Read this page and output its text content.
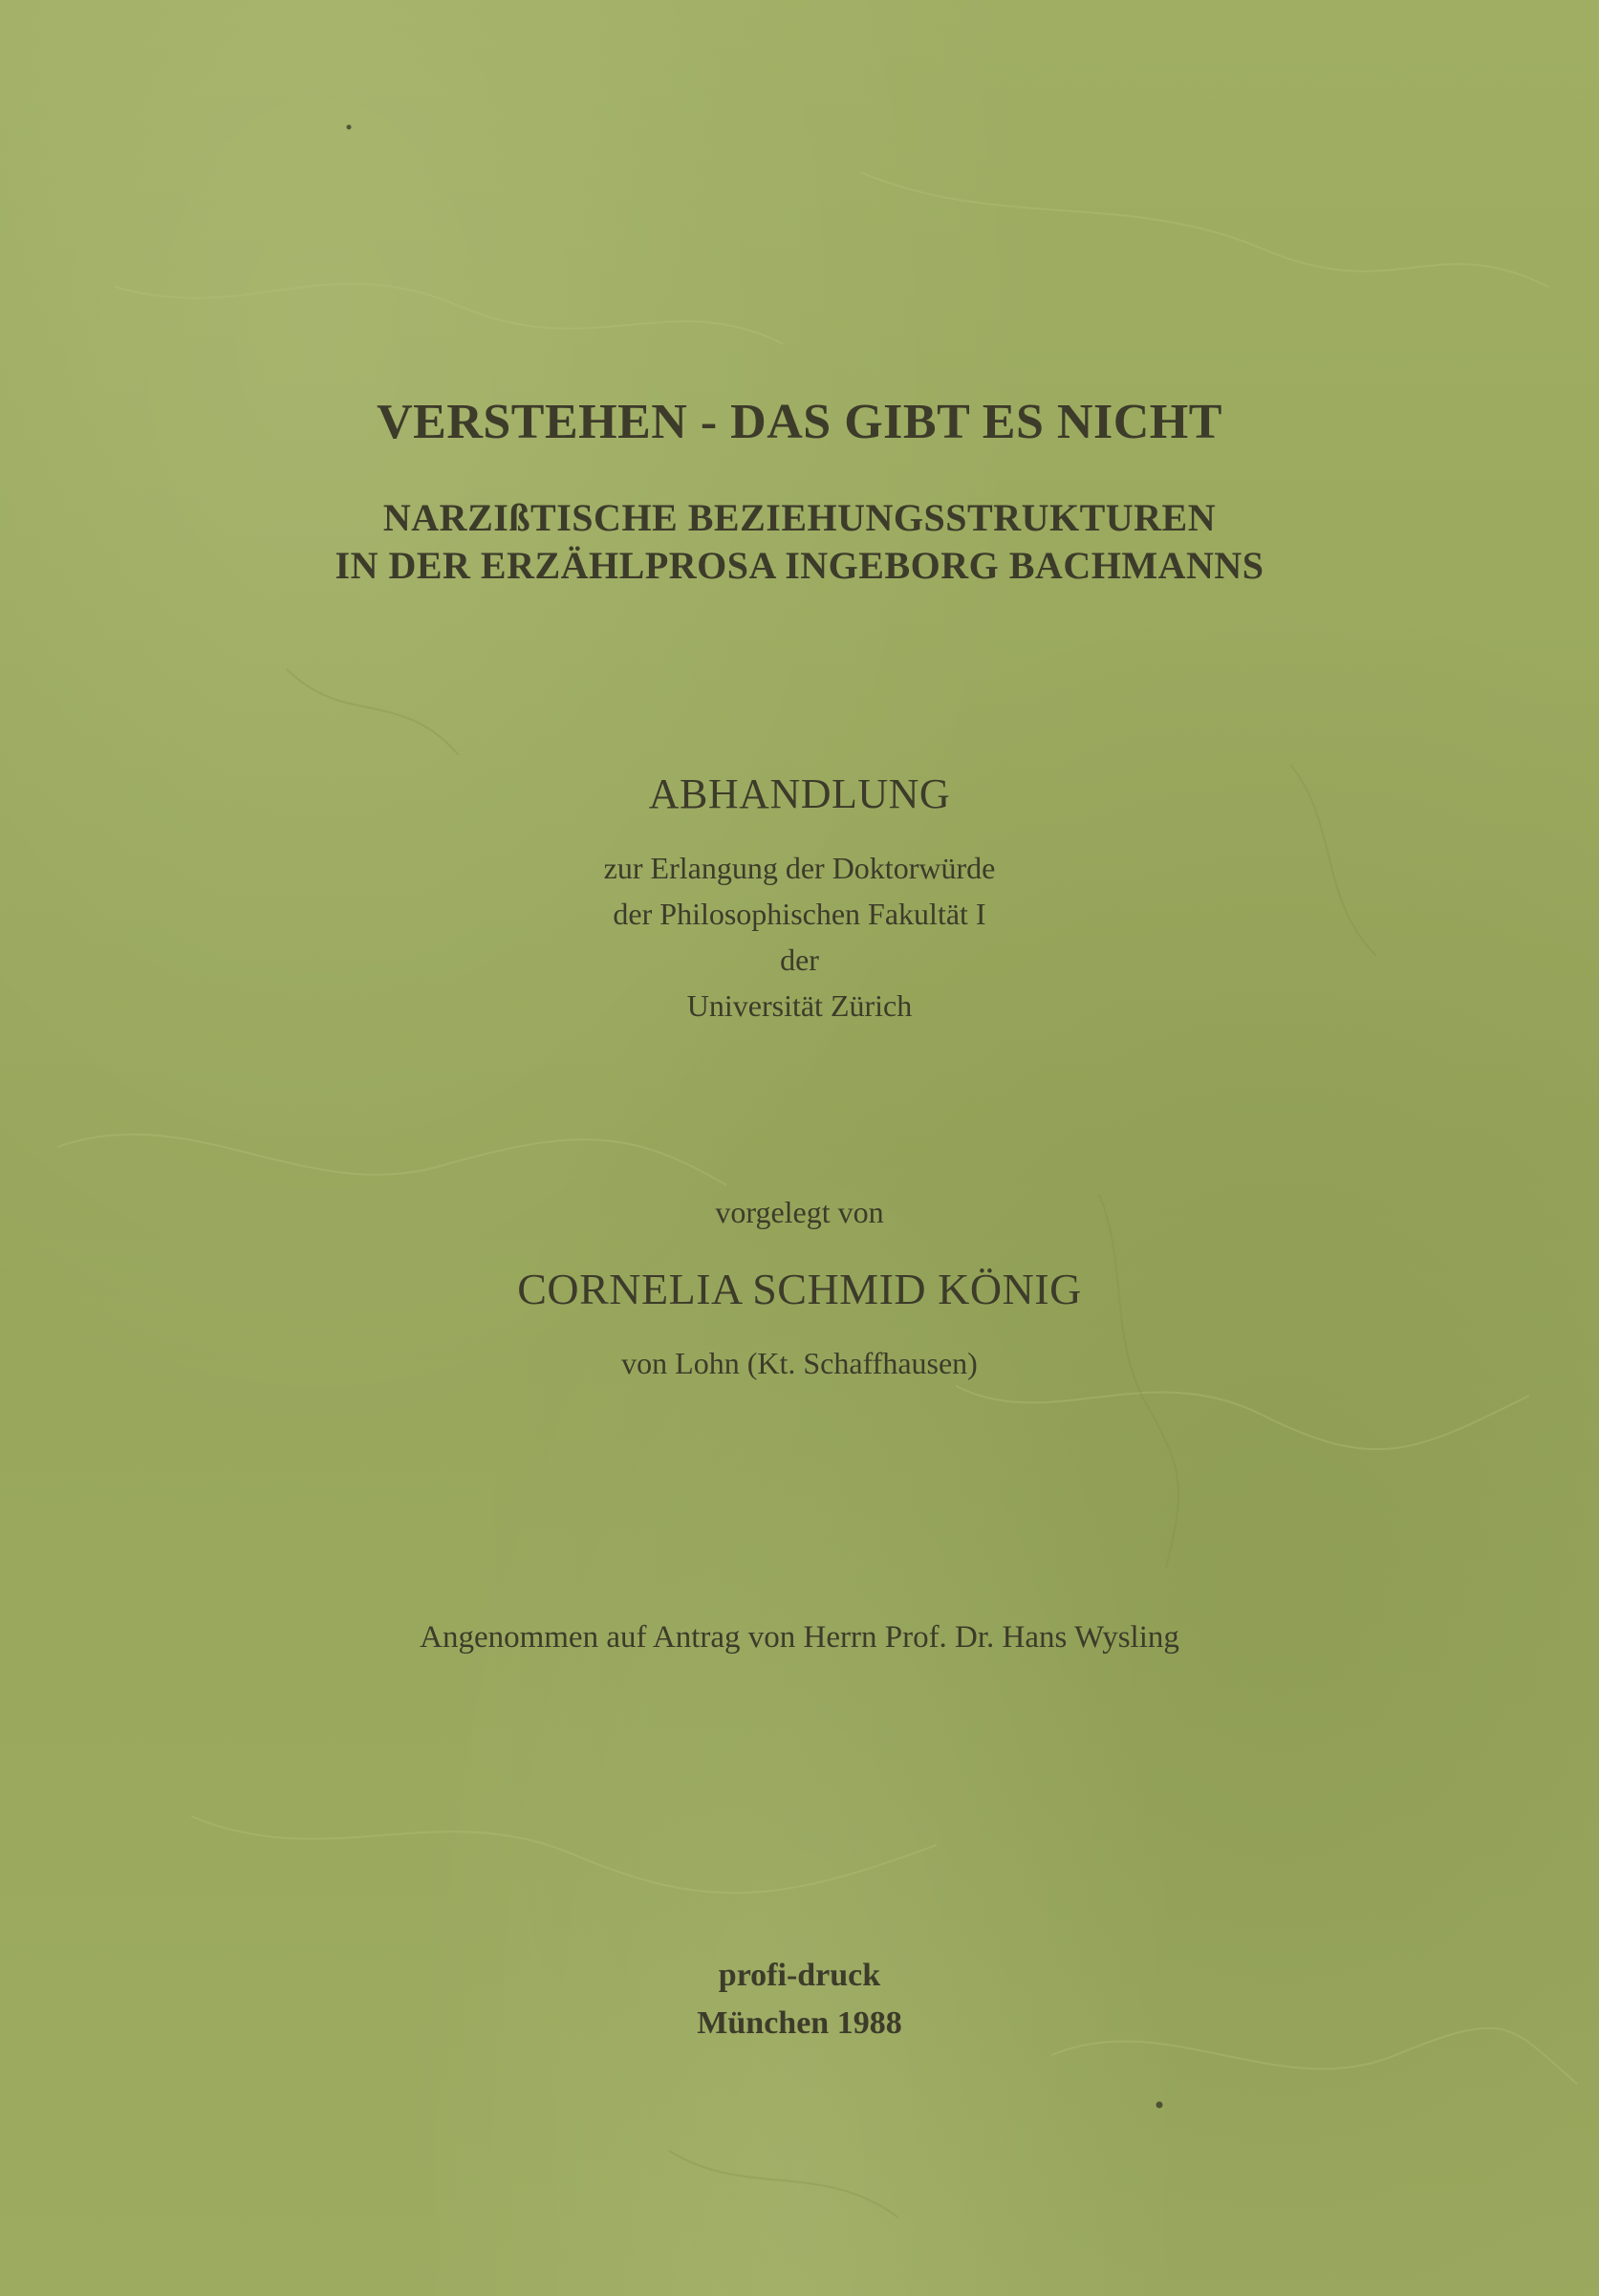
VERSTEHEN - DAS GIBT ES NICHT
NARZIßTISCHE BEZIEHUNGSSTRUKTUREN
IN DER ERZÄHLPROSA INGEBORG BACHMANNS

ABHANDLUNG

zur Erlangung der Doktorwürde

der Philosophischen Fakultät I

der

Universität Zürich

vorgelegt von

CORNELIA SCHMID KÖNIG

von Lohn (Kt. Schaffhausen)

Angenommen auf Antrag von Herrn Prof. Dr. Hans Wysling

profi-druck

München 1988
